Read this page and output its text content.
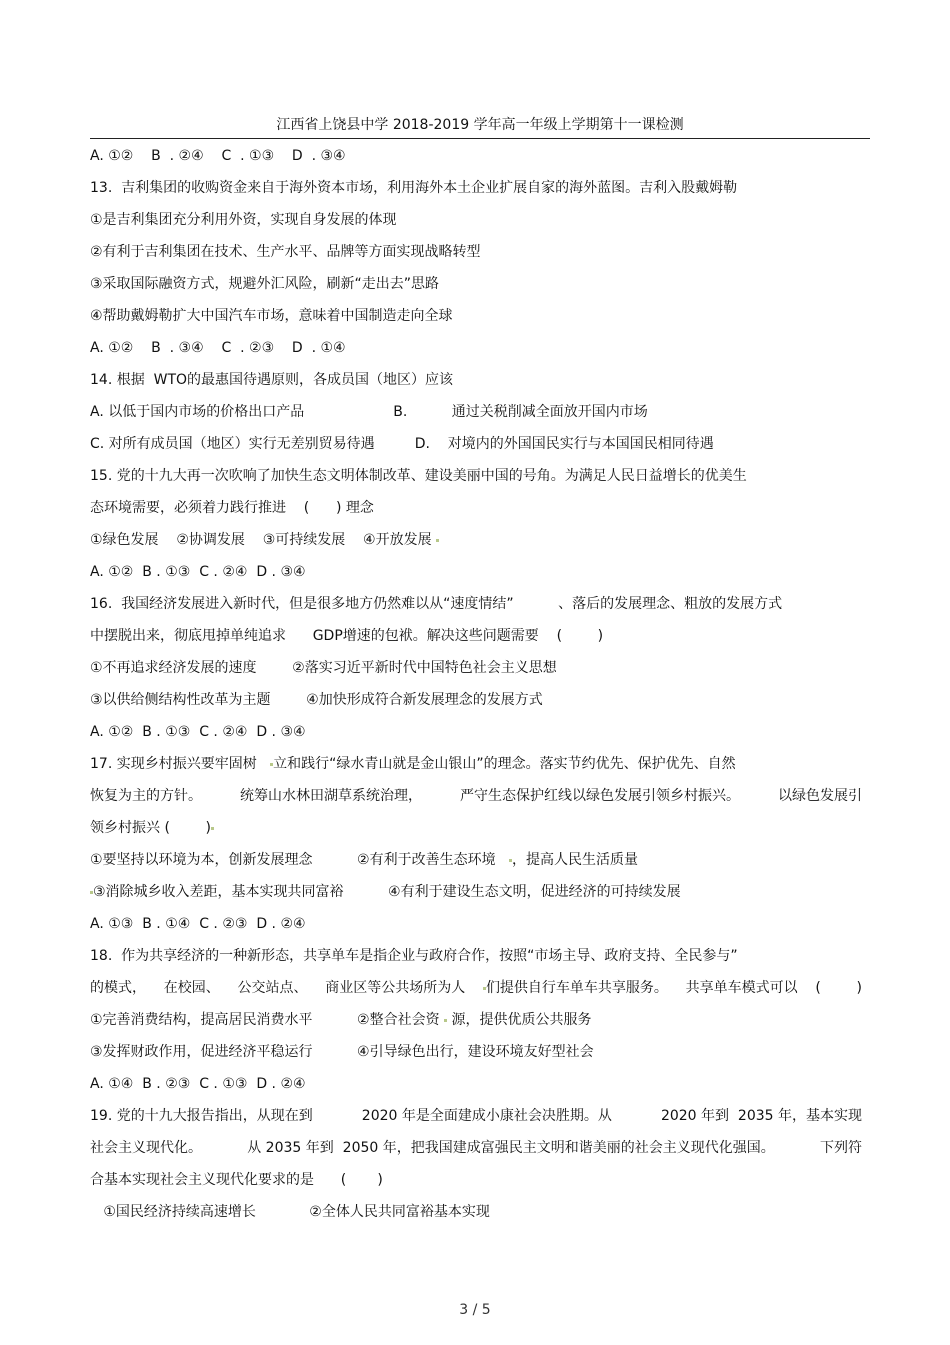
江西省上饶县中学 2018-2019 学年高一年级上学期第十一课检测
A. ①②    B  . ②④    C  . ①③    D  . ③④
13.  吉利集团的收购资金来自于海外资本市场，利用海外本土企业扩展自家的海外蓝图。吉利入股戴姆勒
①是吉利集团充分利用外资，实现自身发展的体现
②有利于吉利集团在技术、生产水平、品牌等方面实现战略转型
③采取国际融资方式，规避外汇风险，刷新“走出去”思路
④帮助戴姆勒扩大中国汽车市场，意味着中国制造走向全球
A. ①②    B  . ③④    C  . ②③    D  . ①④
14. 根据  WTO的最惠国待遇原则，各成员国（地区）应该
A. 以低于国内市场的价格出口产品                    B.          通过关税削减全面放开国内市场
C. 对所有成员国（地区）实行无差别贸易待遇         D.    对境内的外国国民实行与本国国民相同待遇
15. 党的十九大再一次吹响了加快生态文明体制改革、建设美丽中国的号角。为满足人民日益增长的优美生
态环境需要，必须着力践行推进    (      ) 理念
①绿色发展    ②协调发展    ③可持续发展    ④开放发展
A. ①②  B . ①③  C . ②④  D . ③④
16.  我国经济发展进入新时代，但是很多地方仍然难以从“速度情结”          、落后的发展理念、粗放的发展方式
中摆脱出来，彻底甩掉单纯追求      GDP增速的包袱。解决这些问题需要    (        )
①不再追求经济发展的速度        ②落实习近平新时代中国特色社会主义思想
③以供给侧结构性改革为主题        ④加快形成符合新发展理念的发展方式
A. ①②  B . ①③  C . ②④  D . ③④
17. 实现乡村振兴要牢固树 立和践行“绿水青山就是金山银山”的理念。落实节约优先、保护优先、自然
恢复为主的方针。	统筹山水林田湖草系统治理，	严守生态保护红线以绿色发展引领乡村振兴。	以绿色发展引
领乡村振兴 (        )
①要坚持以环境为本，创新发展理念          ②有利于改善生态环境 ，提高人民生活质量
③消除城乡收入差距，基本实现共同富裕          ④有利于建设生态文明，促进经济的可持续发展
A. ①③  B . ①④  C . ②③  D . ②④
18.  作为共享经济的一种新形态，共享单车是指企业与政府合作，按照“市场主导、政府支持、全民参与”
的模式， 在校园、 公交站点、 商业区等公共场所为人 们提供自行车单车共享服务。 共享单车模式可以 (        )
①完善消费结构，提高居民消费水平          ②整合社会资 源，提供优质公共服务
③发挥财政作用，促进经济平稳运行          ④引导绿色出行，建设环境友好型社会
A. ①④  B . ②③  C . ①③  D . ②④
19. 党的十九大报告指出，从现在到	2020 年是全面建成小康社会决胜期。从	2020 年到  2035 年，基本实现
社会主义现代化。	从 2035 年到  2050 年，把我国建成富强民主文明和谐美丽的社会主义现代化强国。	下列符
合基本实现社会主义现代化要求的是      (       )
①国民经济持续高速增长            ②全体人民共同富裕基本实现
3 / 5
